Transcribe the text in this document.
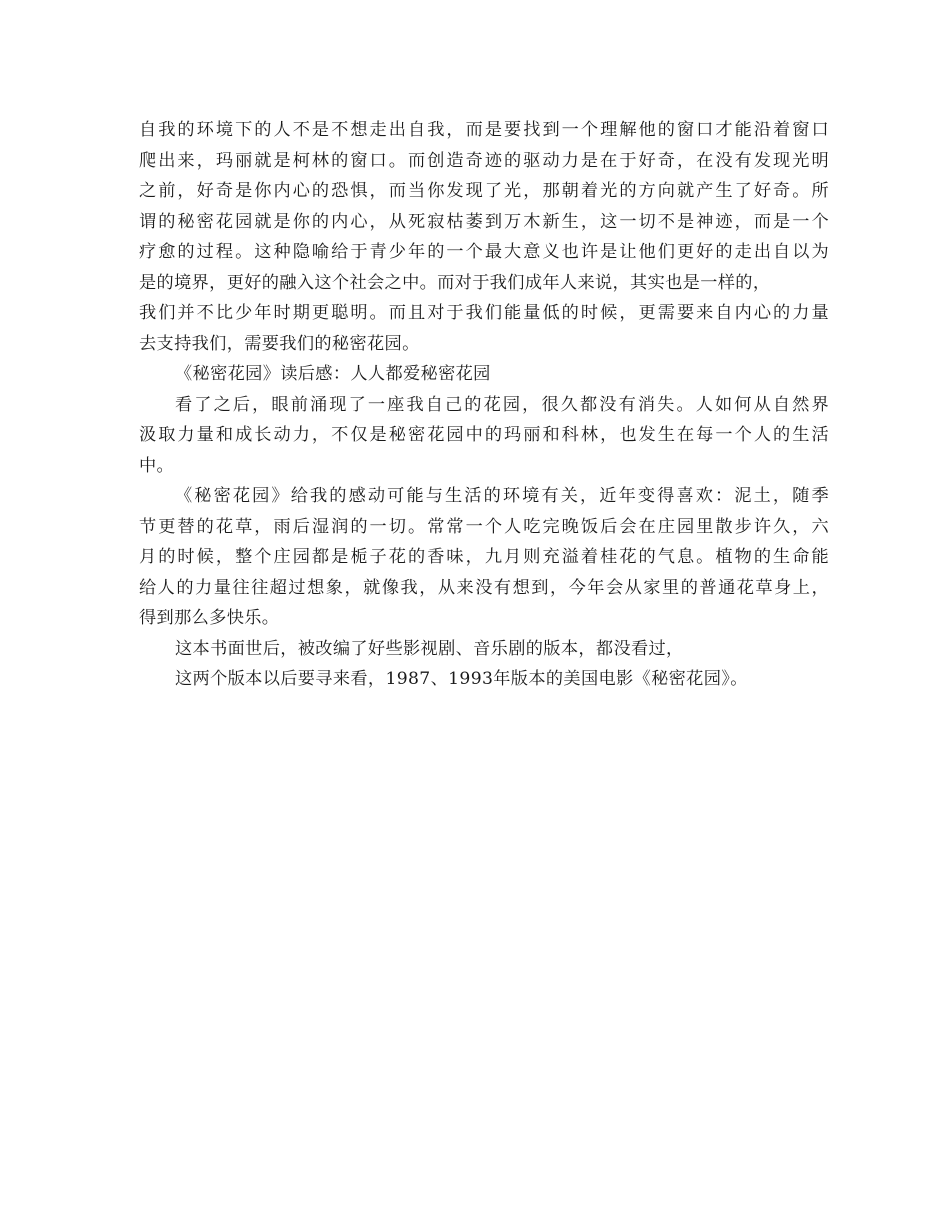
自我的环境下的人不是不想走出自我，而是要找到一个理解他的窗口才能沿着窗口
爬出来，玛丽就是柯林的窗口。而创造奇迹的驱动力是在于好奇，在没有发现光明
之前，好奇是你内心的恐惧，而当你发现了光，那朝着光的方向就产生了好奇。所
谓的秘密花园就是你的内心，从死寂枯萎到万木新生，这一切不是神迹，而是一个
疗愈的过程。这种隐喻给于青少年的一个最大意义也许是让他们更好的走出自以为
是的境界，更好的融入这个社会之中。而对于我们成年人来说，其实也是一样的，
我们并不比少年时期更聪明。而且对于我们能量低的时候，更需要来自内心的力量
去支持我们，需要我们的秘密花园。
《秘密花园》读后感：人人都爱秘密花园
看了之后，眼前涌现了一座我自己的花园，很久都没有消失。人如何从自然界
汲取力量和成长动力，不仅是秘密花园中的玛丽和科林，也发生在每一个人的生活
中。
《秘密花园》给我的感动可能与生活的环境有关，近年变得喜欢：泥土，随季
节更替的花草，雨后湿润的一切。常常一个人吃完晚饭后会在庄园里散步许久，六
月的时候，整个庄园都是栀子花的香味，九月则充溢着桂花的气息。植物的生命能
给人的力量往往超过想象，就像我，从来没有想到，今年会从家里的普通花草身上，
得到那么多快乐。
这本书面世后，被改编了好些影视剧、音乐剧的版本，都没看过，
这两个版本以后要寻来看，1987、1993年版本的美国电影《秘密花园》。
